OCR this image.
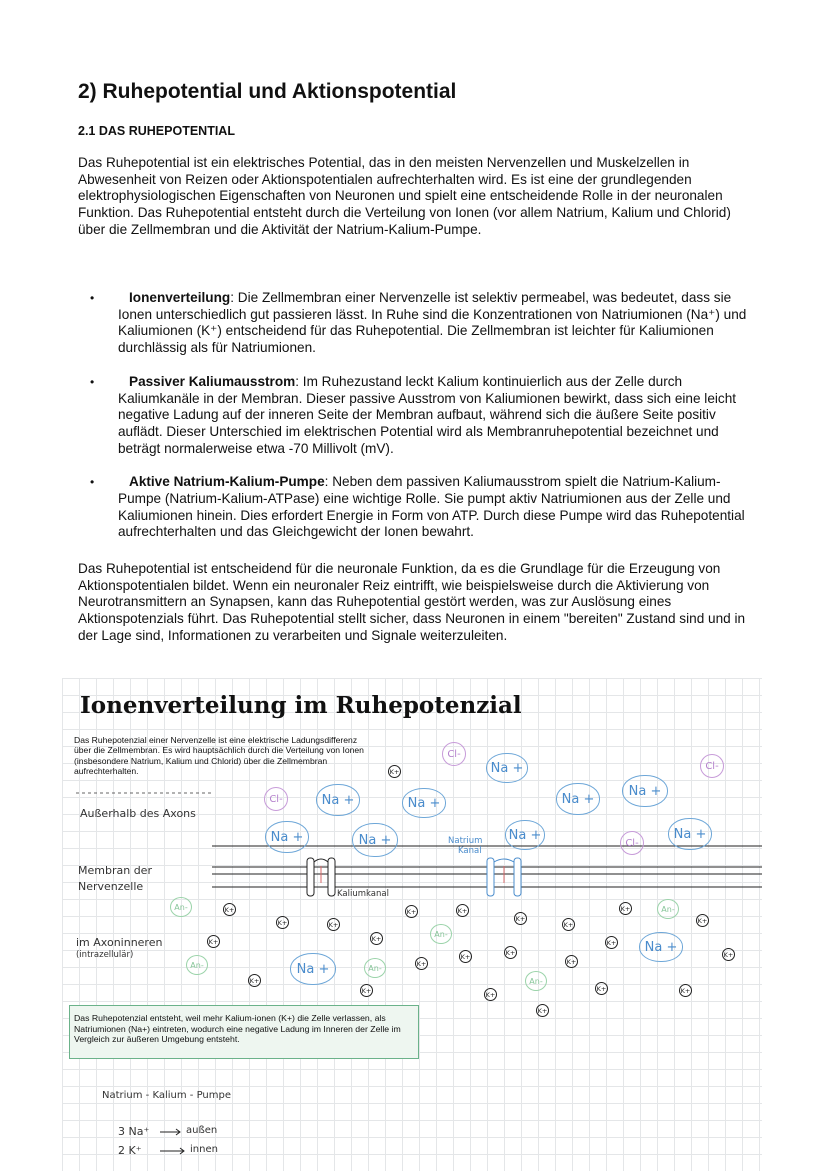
2) Ruhepotential und Aktionspotential
2.1 DAS RUHEPOTENTIAL

Das Ruhepotential ist ein elektrisches Potential, das in den meisten Nervenzellen und Muskelzellen in Abwesenheit von Reizen oder Aktionspotentialen aufrechterhalten wird. Es ist eine der grundlegenden elektrophysiologischen Eigenschaften von Neuronen und spielt eine entscheidende Rolle in der neuronalen Funktion. Das Ruhepotential entsteht durch die Verteilung von Ionen (vor allem Natrium, Kalium und Chlorid) über die Zellmembran und die Aktivität der Natrium-Kalium-Pumpe.

•	Ionenverteilung: Die Zellmembran einer Nervenzelle ist selektiv permeabel, was bedeutet, dass sie Ionen unterschiedlich gut passieren lässt. In Ruhe sind die Konzentrationen von Natriumionen (Na⁺) und Kaliumionen (K⁺) entscheidend für das Ruhepotential. Die Zellmembran ist leichter für Kaliumionen durchlässig als für Natriumionen.
•	Passiver Kaliumausstrom: Im Ruhezustand leckt Kalium kontinuierlich aus der Zelle durch Kaliumkanäle in der Membran. Dieser passive Ausstrom von Kaliumionen bewirkt, dass sich eine leicht negative Ladung auf der inneren Seite der Membran aufbaut, während sich die äußere Seite positiv auflädt. Dieser Unterschied im elektrischen Potential wird als Membranruhepotential bezeichnet und beträgt normalerweise etwa -70 Millivolt (mV).
•	Aktive Natrium-Kalium-Pumpe: Neben dem passiven Kaliumausstrom spielt die Natrium-Kalium-Pumpe (Natrium-Kalium-ATPase) eine wichtige Rolle. Sie pumpt aktiv Natriumionen aus der Zelle und Kaliumionen hinein. Dies erfordert Energie in Form von ATP. Durch diese Pumpe wird das Ruhepotential aufrechterhalten und das Gleichgewicht der Ionen bewahrt.

Das Ruhepotential ist entscheidend für die neuronale Funktion, da es die Grundlage für die Erzeugung von Aktionspotentialen bildet. Wenn ein neuronaler Reiz eintrifft, wie beispielsweise durch die Aktivierung von Neurotransmittern an Synapsen, kann das Ruhepotential gestört werden, was zur Auslösung eines Aktionspotenzials führt. Das Ruhepotential stellt sicher, dass Neuronen in einem "bereiten" Zustand sind und in der Lage sind, Informationen zu verarbeiten und Signale weiterzuleiten.

Ionenverteilung im Ruhepotenzial

Das Ruhepotenzial einer Nervenzelle ist eine elektrische Ladungsdifferenz über die Zellmembran. Es wird hauptsächlich durch die Verteilung von Ionen (insbesondere Natrium, Kalium und Chlorid) über die Zellmembran aufrechterhalten.

Außerhalb des Axons
Membran der
Nervenzelle
im Axoninneren
(intrazellulär)
Kaliumkanal
Natrium
Kanal
Na +
Na +	Na +	Na +
Na +
Na +	Na +	Na +	Na +
Na +
Na +
Cl-
Cl-
Cl-
Cl-
An-
An-	An-
An-
An-
An-
K+
K+
K+
K+
K+
K+
K+	K+
K+
K+
K+
K+
K+
K+	K+
K+
K+
K+
K+
K+	K+
K+	K+
K+
Das Ruhepotenzial entsteht, weil mehr Kalium-ionen (K+) die Zelle verlassen, als Natriumionen (Na+) eintreten, wodurch eine negative Ladung im Inneren der Zelle im Vergleich zur äußeren Umgebung entsteht.
Natrium - Kalium - Pumpe
3 Na⁺	außen
2 K⁺	innen
